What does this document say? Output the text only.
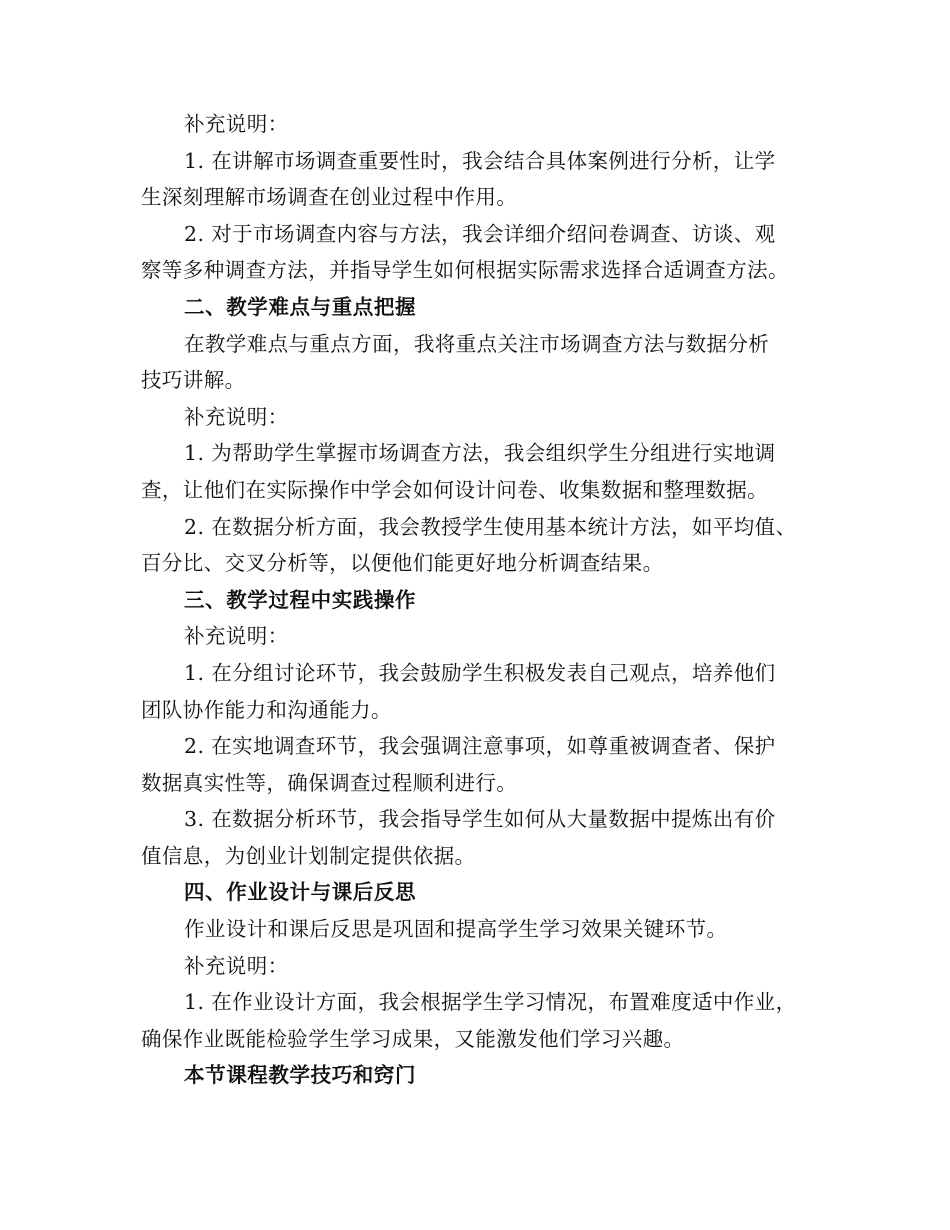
补充说明：
1. 在讲解市场调查重要性时，我会结合具体案例进行分析，让学
生深刻理解市场调查在创业过程中作用。
2. 对于市场调查内容与方法，我会详细介绍问卷调查、访谈、观
察等多种调查方法，并指导学生如何根据实际需求选择合适调查方法。
二、教学难点与重点把握
在教学难点与重点方面，我将重点关注市场调查方法与数据分析
技巧讲解。
补充说明：
1. 为帮助学生掌握市场调查方法，我会组织学生分组进行实地调
查，让他们在实际操作中学会如何设计问卷、收集数据和整理数据。
2. 在数据分析方面，我会教授学生使用基本统计方法，如平均值、
百分比、交叉分析等，以便他们能更好地分析调查结果。
三、教学过程中实践操作
补充说明：
1. 在分组讨论环节，我会鼓励学生积极发表自己观点，培养他们
团队协作能力和沟通能力。
2. 在实地调查环节，我会强调注意事项，如尊重被调查者、保护
数据真实性等，确保调查过程顺利进行。
3. 在数据分析环节，我会指导学生如何从大量数据中提炼出有价
值信息，为创业计划制定提供依据。
四、作业设计与课后反思
作业设计和课后反思是巩固和提高学生学习效果关键环节。
补充说明：
1. 在作业设计方面，我会根据学生学习情况，布置难度适中作业，
确保作业既能检验学生学习成果，又能激发他们学习兴趣。
本节课程教学技巧和窍门
